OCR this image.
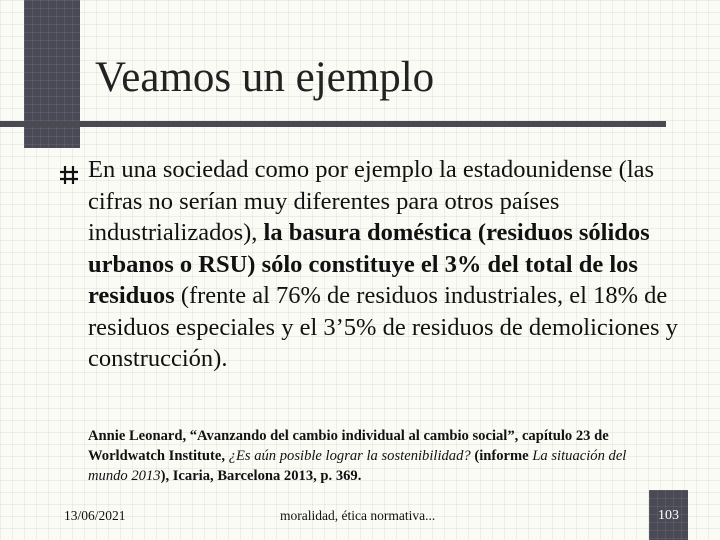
Veamos un ejemplo

En una sociedad como por ejemplo la estadounidense (las cifras no serían muy diferentes para otros países industrializados), la basura doméstica (residuos sólidos urbanos o RSU) sólo constituye el 3% del total de los residuos (frente al 76% de residuos industriales, el 18% de residuos especiales y el 3’5% de residuos de demoliciones y construcción).

Annie Leonard, “Avanzando del cambio individual al cambio social”, capítulo 23 de Worldwatch Institute, ¿Es aún posible lograr la sostenibilidad? (informe La situación del mundo 2013), Icaria, Barcelona 2013, p. 369.

13/06/2021	moralidad, ética normativa...	103
